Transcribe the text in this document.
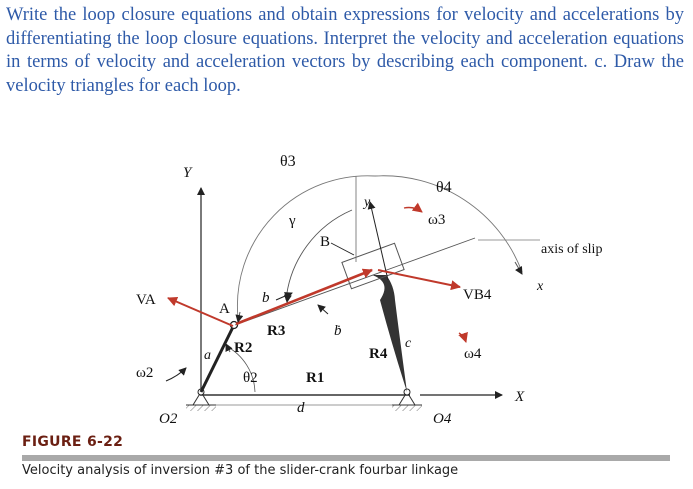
Write the loop closure equations and obtain expressions for velocity and accelerations by differentiating the loop closure equations. Interpret the velocity and acceleration equations in terms of velocity and acceleration vectors by describing each component. c. Draw the velocity triangles for each loop.

θ3
θ4
Y
y
ω3
γ
B	axis of slip
VA	VB4
x
A
b
R3	ḃ
c
R2
a	R4	ω4
ω2	θ2	R1
X
d
O2	O4
FIGURE 6-22
Velocity analysis of inversion #3 of the slider-crank fourbar linkage
